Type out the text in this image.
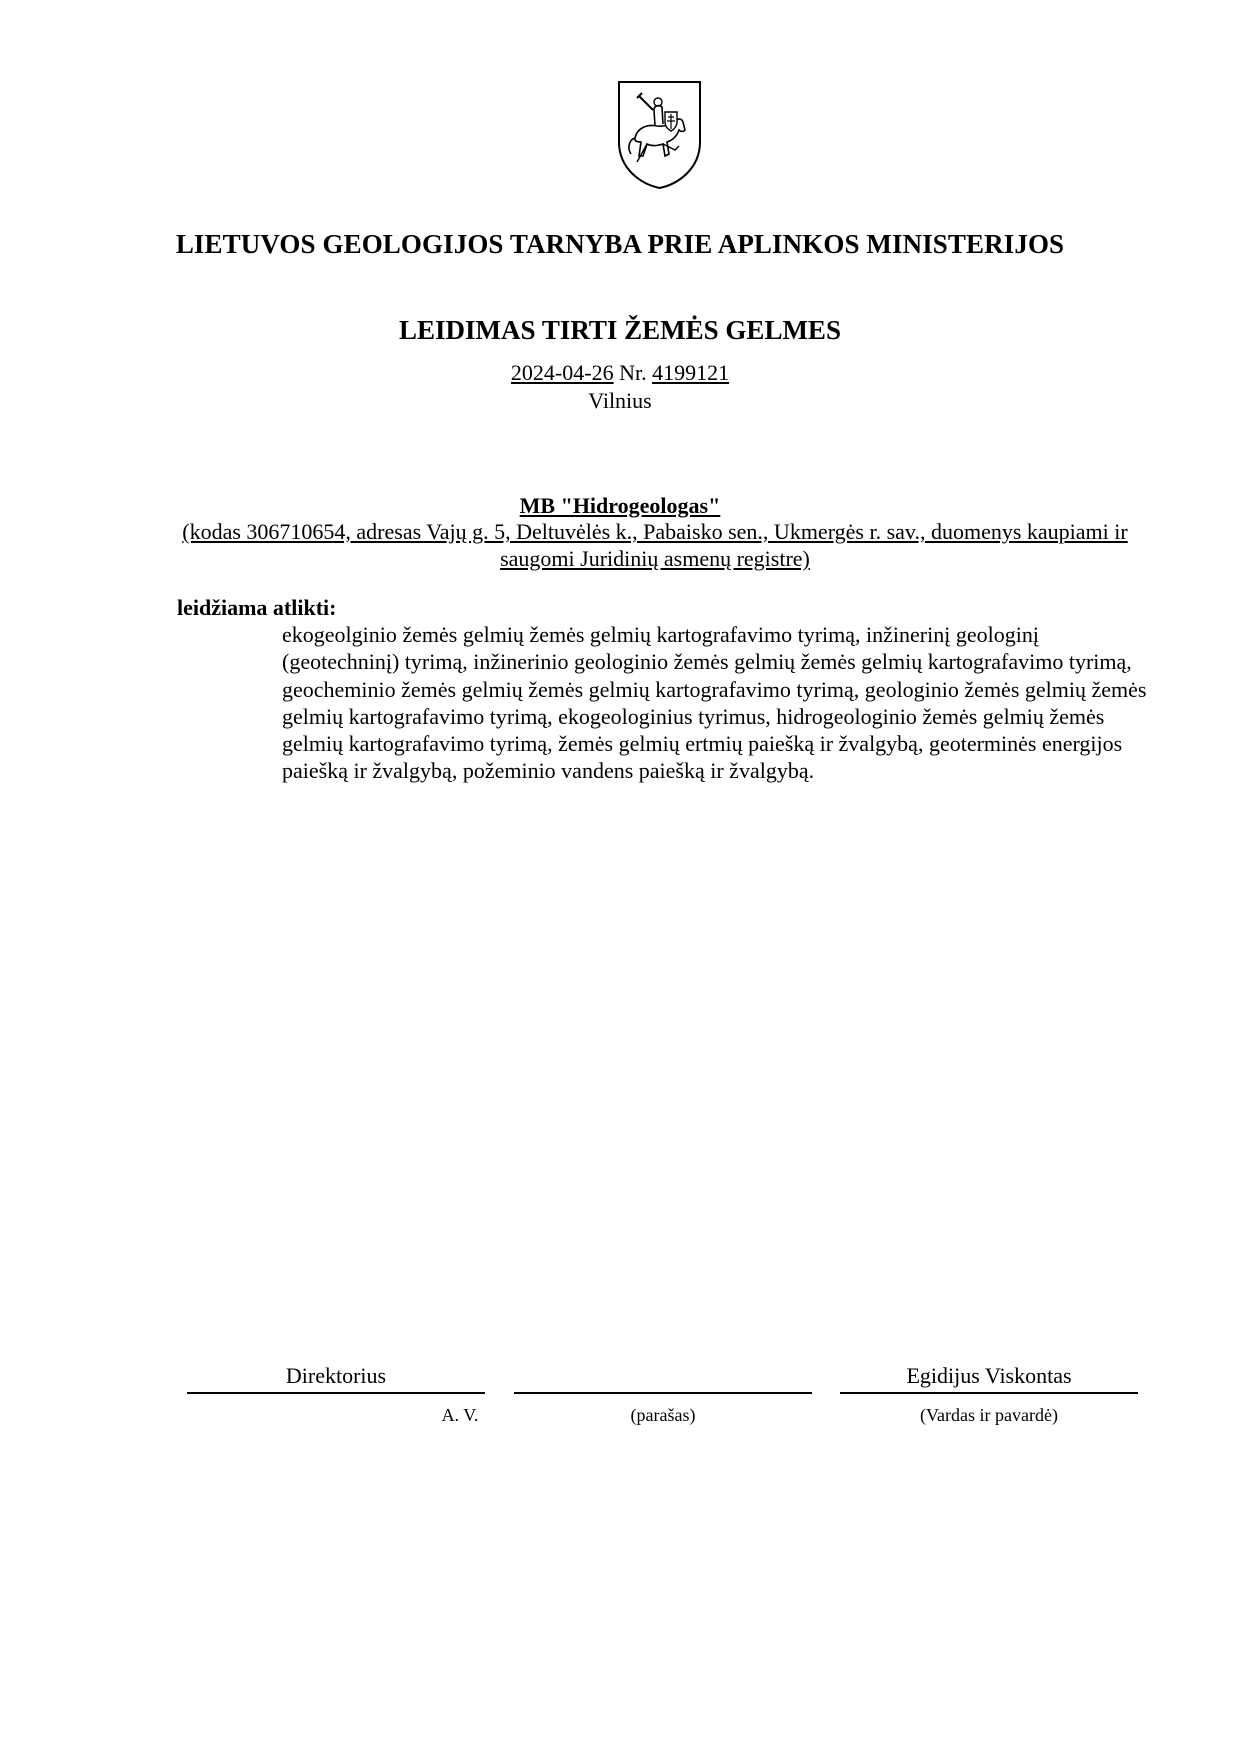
LIETUVOS GEOLOGIJOS TARNYBA PRIE APLINKOS MINISTERIJOS
LEIDIMAS TIRTI ŽEMĖS GELMES
2024-04-26 Nr. 4199121
Vilnius
MB "Hidrogeologas"
(kodas 306710654, adresas Vajų g. 5, Deltuvėlės k., Pabaisko sen., Ukmergės r. sav., duomenys kaupiami ir saugomi Juridinių asmenų registre)
leidžiama atlikti:
ekogeolginio žemės gelmių žemės gelmių kartografavimo tyrimą, inžinerinį geologinį (geotechninį) tyrimą, inžinerinio geologinio žemės gelmių žemės gelmių kartografavimo tyrimą, geocheminio žemės gelmių žemės gelmių kartografavimo tyrimą, geologinio žemės gelmių žemės gelmių kartografavimo tyrimą, ekogeologinius tyrimus, hidrogeologinio žemės gelmių žemės gelmių kartografavimo tyrimą, žemės gelmių ertmių paiešką ir žvalgybą, geoterminės energijos paiešką ir žvalgybą, požeminio vandens paiešką ir žvalgybą.
Direktorius
A. V.	(parašas)
Egidijus Viskontas
(Vardas ir pavardė)
